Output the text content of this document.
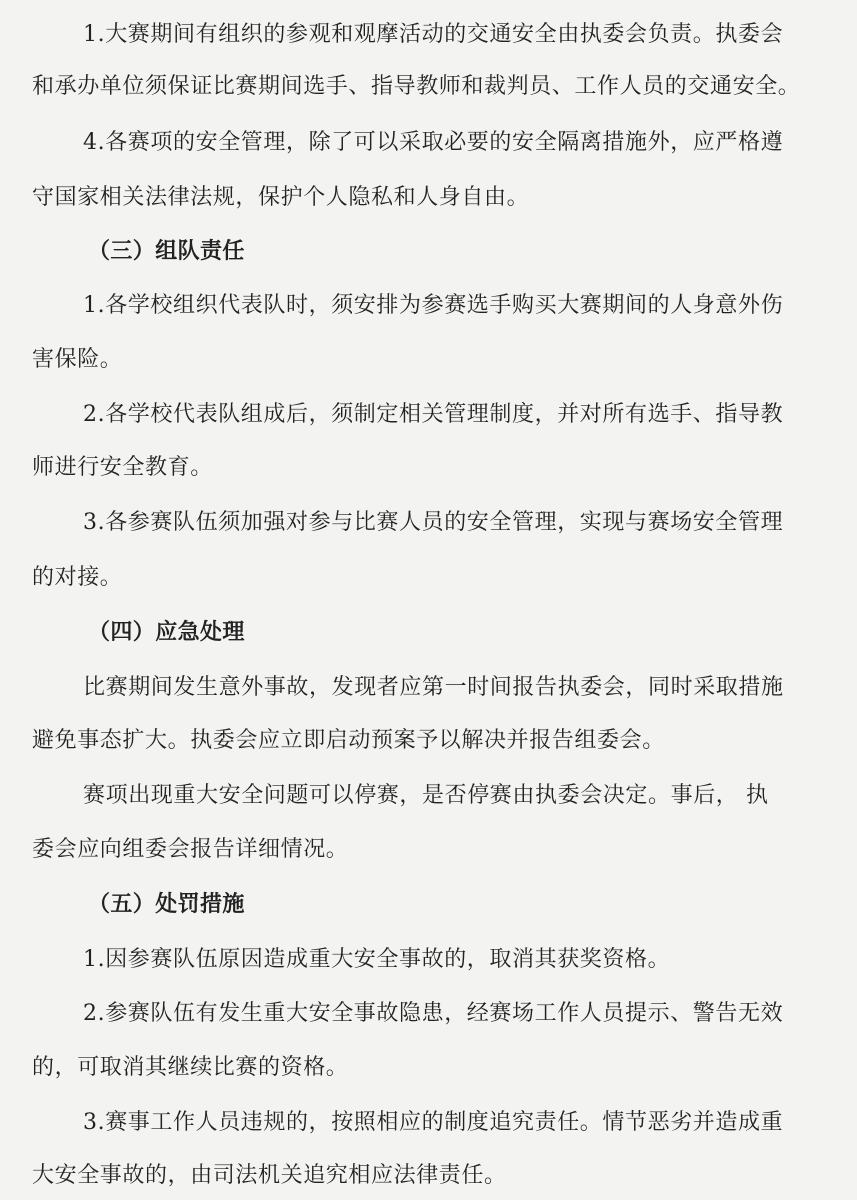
1.大赛期间有组织的参观和观摩活动的交通安全由执委会负责。执委会
和承办单位须保证比赛期间选手、指导教师和裁判员、工作人员的交通安全。
4.各赛项的安全管理，除了可以采取必要的安全隔离措施外，应严格遵
守国家相关法律法规，保护个人隐私和人身自由。
（三）组队责任
1.各学校组织代表队时，须安排为参赛选手购买大赛期间的人身意外伤
害保险。
2.各学校代表队组成后，须制定相关管理制度，并对所有选手、指导教
师进行安全教育。
3.各参赛队伍须加强对参与比赛人员的安全管理，实现与赛场安全管理
的对接。
（四）应急处理
比赛期间发生意外事故，发现者应第一时间报告执委会，同时采取措施
避免事态扩大。执委会应立即启动预案予以解决并报告组委会。
赛项出现重大安全问题可以停赛，是否停赛由执委会决定。事后， 执
委会应向组委会报告详细情况。
（五）处罚措施
1.因参赛队伍原因造成重大安全事故的，取消其获奖资格。
2.参赛队伍有发生重大安全事故隐患，经赛场工作人员提示、警告无效
的，可取消其继续比赛的资格。
3.赛事工作人员违规的，按照相应的制度追究责任。情节恶劣并造成重
大安全事故的，由司法机关追究相应法律责任。
